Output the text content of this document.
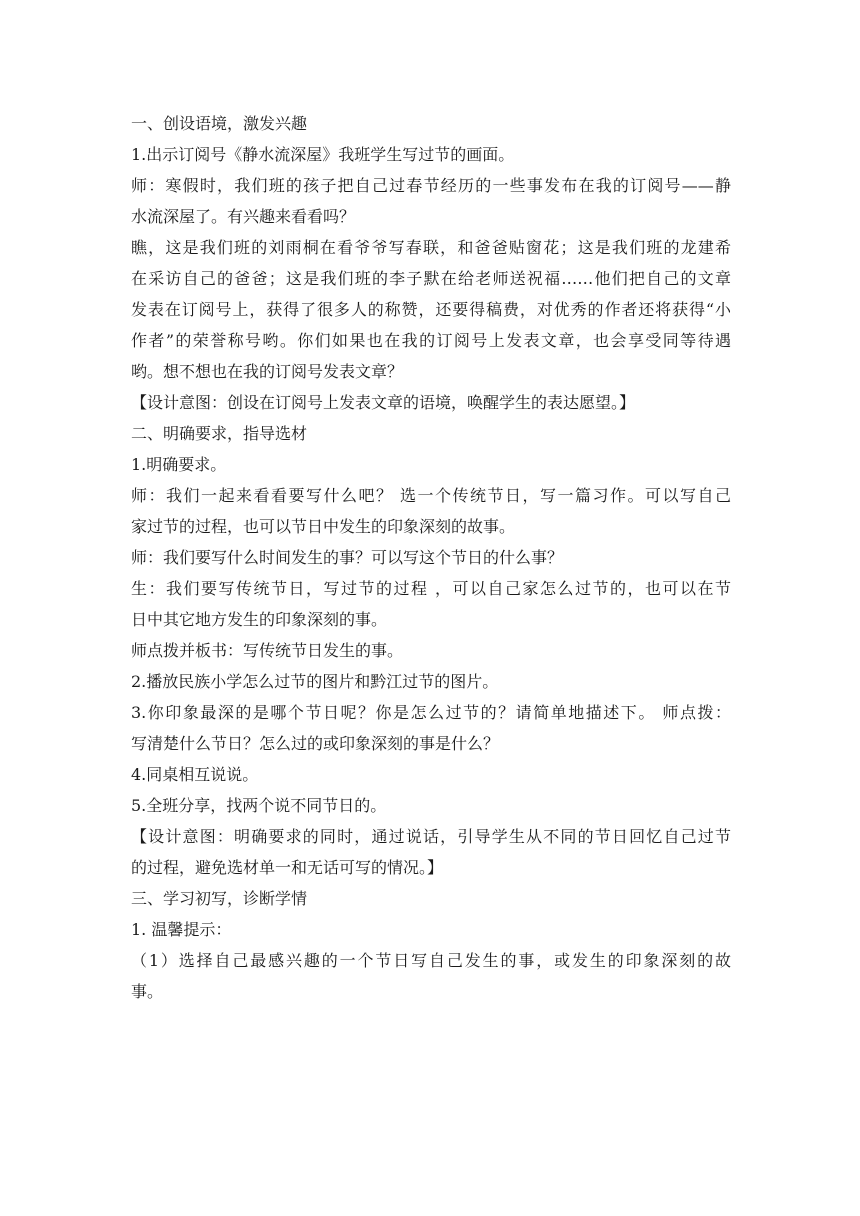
一、创设语境，激发兴趣
1.出示订阅号《静水流深屋》我班学生写过节的画面。
师：寒假时，我们班的孩子把自己过春节经历的一些事发布在我的订阅号——静
水流深屋了。有兴趣来看看吗？
瞧，这是我们班的刘雨桐在看爷爷写春联，和爸爸贴窗花；这是我们班的龙建希
在采访自己的爸爸；这是我们班的李子默在给老师送祝福……他们把自己的文章
发表在订阅号上，获得了很多人的称赞，还要得稿费，对优秀的作者还将获得“小
作者”的荣誉称号哟。你们如果也在我的订阅号上发表文章，也会享受同等待遇
哟。想不想也在我的订阅号发表文章？
【设计意图：创设在订阅号上发表文章的语境，唤醒学生的表达愿望。】
二、明确要求，指导选材
1.明确要求。
师：我们一起来看看要写什么吧？ 选一个传统节日，写一篇习作。可以写自己
家过节的过程，也可以节日中发生的印象深刻的故事。
师：我们要写什么时间发生的事？可以写这个节日的什么事？
生：我们要写传统节日，写过节的过程 ，可以自己家怎么过节的，也可以在节
日中其它地方发生的印象深刻的事。
师点拨并板书：写传统节日发生的事。
2.播放民族小学怎么过节的图片和黔江过节的图片。
3.你印象最深的是哪个节日呢？你是怎么过节的？请简单地描述下。 师点拨：
写清楚什么节日？怎么过的或印象深刻的事是什么？
4.同桌相互说说。
5.全班分享，找两个说不同节日的。
【设计意图：明确要求的同时，通过说话，引导学生从不同的节日回忆自己过节
的过程，避免选材单一和无话可写的情况。】
三、学习初写，诊断学情
1. 温馨提示：
（1）选择自己最感兴趣的一个节日写自己发生的事，或发生的印象深刻的故
事。
